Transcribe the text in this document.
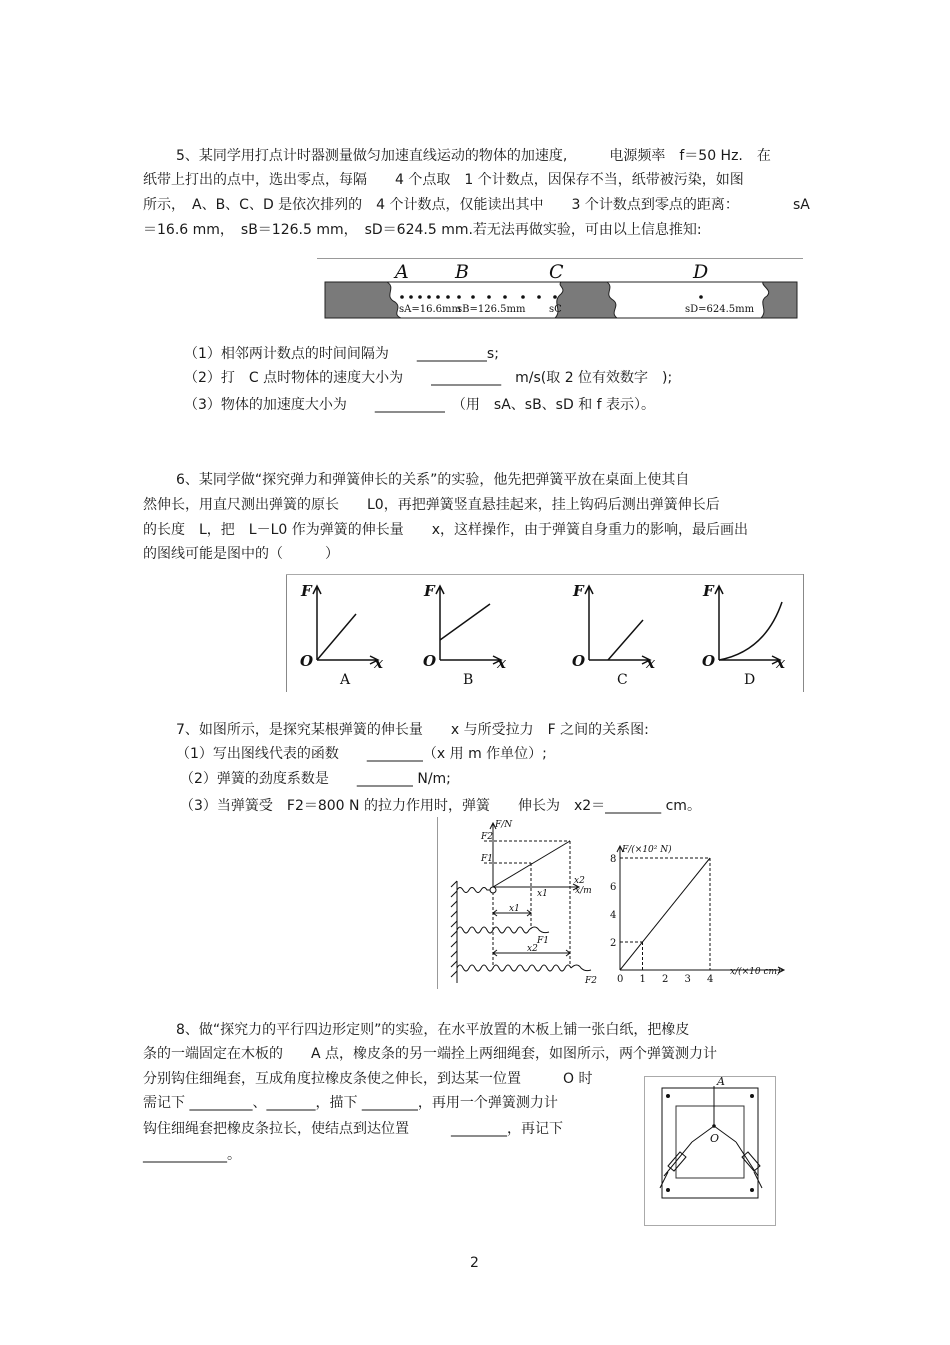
5、某同学用打点计时器测量做匀加速直线运动的物体的加速度,　　　电源频率　f＝50 Hz.　在

纸带上打出的点中，选出零点，每隔　　4 个点取　1 个计数点，因保存不当，纸带被污染，如图

所示，　A、B、C、D 是依次排列的　4 个计数点，仅能读出其中　　3 个计数点到零点的距离：	sA

＝16.6 mm，　sB＝126.5 mm，　sD＝624.5 mm.若无法再做实验，可由以上信息推知:

A B	C	D
sA=16.6mm
sB=126.5mm sC	sD=624.5mm

（1）相邻两计数点的时间间隔为　　__________s;

（2）打　C 点时物体的速度大小为　　__________　m/s(取 2 位有效数字　);

（3）物体的加速度大小为　　__________　（用　sA、sB、sD 和 f 表示）。

6、某同学做“探究弹力和弹簧伸长的关系”的实验，他先把弹簧平放在桌面上使其自

然伸长，用直尺测出弹簧的原长　　L0，再把弹簧竖直悬挂起来，挂上钩码后测出弹簧伸长后

的长度　L，把　L－L0 作为弹簧的伸长量　　x，这样操作，由于弹簧自身重力的影响，最后画出

的图线可能是图中的（　　　）

F
O	x
F
O	x
F
O	x
F
O	x
A	B	C	D

7、如图所示，是探究某根弹簧的伸长量　　x 与所受拉力　F 之间的关系图:

（1）写出图线代表的函数　　________（x 用 m 作单位）;

（2）弹簧的劲度系数是　　________ N/m;

（3）当弹簧受　F2＝800 N 的拉力作用时，弹簧　　伸长为　x2＝________ cm。

F/N
x/m
F2
F1
x1
x1
x2
x2
F1
F2 0 1 2 3 4
2
4
6
8
F/(×10² N)
x/(×10 cm)

8、做“探究力的平行四边形定则”的实验，在水平放置的木板上铺一张白纸，把橡皮

条的一端固定在木板的　　A 点，橡皮条的另一端拴上两细绳套，如图所示，两个弹簧测力计

分别钩住细绳套，互成角度拉橡皮条使之伸长，到达某一位置　　　O 时

需记下 _________、_______，描下 ________，再用一个弹簧测力计

钩住细绳套把橡皮条拉长，使结点到达位置　　　________，再记下

____________。

A
O

2
